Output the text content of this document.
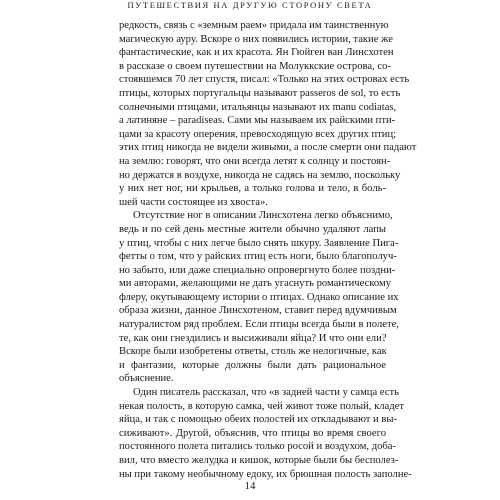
ПУТЕШЕСТВИЯ НА ДРУГУЮ СТОРОНУ СВЕТА
редкость, связь с «земным раем» придала им таинственную
магическую ауру. Вскоре о них появились истории, такие же
фантастические, как и их красота. Ян Гюйген ван Линсхотен
в рассказе о своем путешествии на Молуккские острова, со-
стоявшемся 70 лет спустя, писал: «Только на этих островах есть
птицы, которых португальцы называют passeros de sol, то есть
солнечными птицами, итальянцы называют их manu codiatas,
а латиняне – paradiseas. Сами мы называем их райскими пти-
цами за красоту оперения, превосходящую всех других птиц;
этих птиц никогда не видели живыми, а после смерти они падают
на землю: говорят, что они всегда летят к солнцу и постоян-
но держатся в воздухе, никогда не садясь на землю, поскольку
у них нет ног, ни крыльев, а только голова и тело, в боль-
шей части состоящее из хвоста».
Отсутствие ног в описании Линсхотена легко объяснимо,
ведь и по сей день местные жители обычно удаляют лапы
у птиц, чтобы с них легче было снять шкуру. Заявление Пига-
фетты о том, что у райских птиц есть ноги, было благополуч-
но забыто, или даже специально опровергнуто более поздни-
ми авторами, желающими не дать угаснуть романтическому
флеру, окутывающему истории о птицах. Однако описание их
образа жизни, данное Линсхотеном, ставит перед вдумчивым
натуралистом ряд проблем. Если птицы всегда были в полете,
те, как они гнездились и высиживали яйца? И что они ели?
Вскоре были изобретены ответы, столь же нелогичные, как
и фантазии, которые должны были дать рациональное
объяснение.
Один писатель рассказал, что «в задней части у самца есть
некая полость, в которую самка, чей живот тоже полый, кладет
яйца, и так с помощью обеих полостей их откладывают и вы-
сиживают». Другой, объяснив, что птицы во время своего
постоянного полета питались только росой и воздухом, доба-
вил, что вместо желудка и кишок, которые были бы бесполез-
ны при такому необычному едоку, их брюшная полость заполне-
14
